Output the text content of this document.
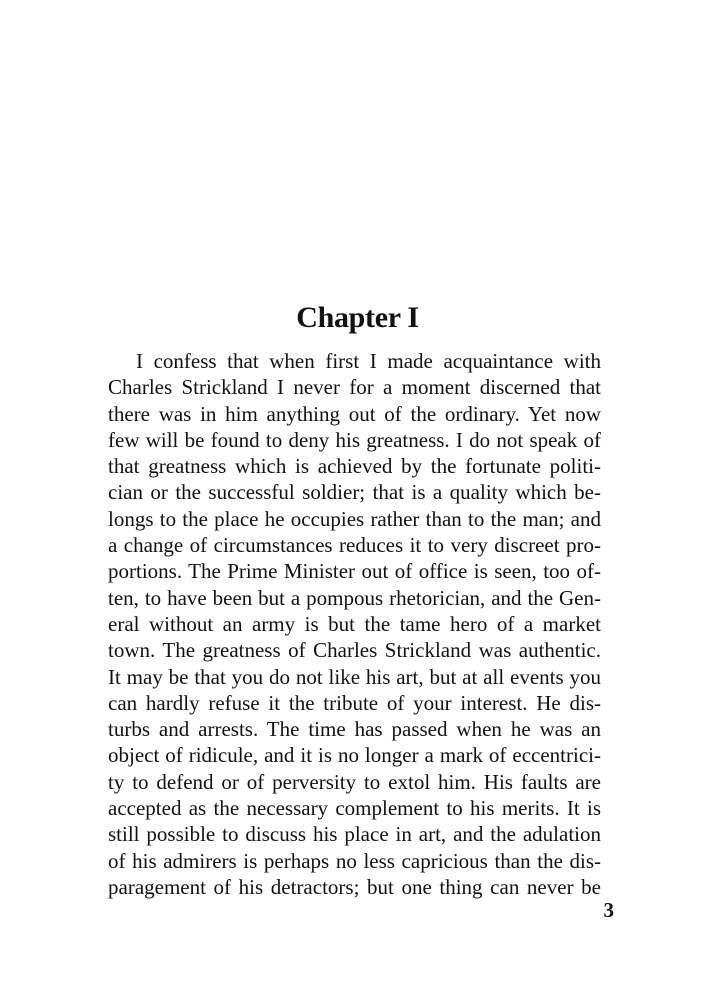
Chapter I
I confess that when first I made acquaintance with
Charles Strickland I never for a moment discerned that
there was in him anything out of the ordinary. Yet now
few will be found to deny his greatness. I do not speak of
that greatness which is achieved by the fortunate politi-
cian or the successful soldier; that is a quality which be-
longs to the place he occupies rather than to the man; and
a change of circumstances reduces it to very discreet pro-
portions. The Prime Minister out of office is seen, too of-
ten, to have been but a pompous rhetorician, and the Gen-
eral without an army is but the tame hero of a market
town. The greatness of Charles Strickland was authentic.
It may be that you do not like his art, but at all events you
can hardly refuse it the tribute of your interest. He dis-
turbs and arrests. The time has passed when he was an
object of ridicule, and it is no longer a mark of eccentrici-
ty to defend or of perversity to extol him. His faults are
accepted as the necessary complement to his merits. It is
still possible to discuss his place in art, and the adulation
of his admirers is perhaps no less capricious than the dis-
paragement of his detractors; but one thing can never be
3
